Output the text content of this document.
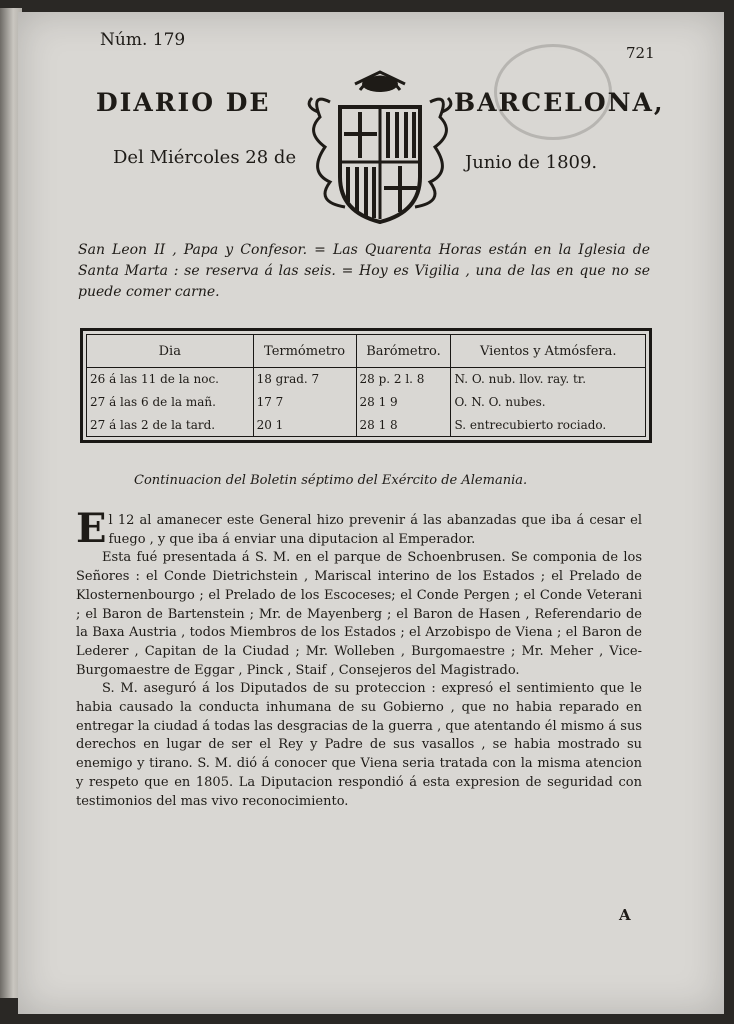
Núm. 179
721
DIARIO DE	BARCELONA,
Del Miércoles 28 de	Junio de 1809.
San Leon II , Papa y Confesor. = Las Quarenta Horas están en la Iglesia de Santa Marta : se reserva á las seis. = Hoy es Vigilia , una de las en que no se puede comer carne.
Dia	Termómetro	Barómetro.	Vientos y Atmósfera.
26 á las 11 de la noc.	18 grad. 7	28 p. 2 l. 8	N. O. nub. llov. ray. tr.
27 á las 6 de la mañ.	17 7	28 1 9	O. N. O. nubes.
27 á las 2 de la tard.	20 1	28 1 8	S. entrecubierto rociado.
Continuacion del Boletin séptimo del Exército de Alemania.

El 12 al amanecer este General hizo prevenir á las abanzadas que iba á cesar el fuego , y que iba á enviar una diputacion al Emperador.

Esta fué presentada á S. M. en el parque de Schoenbrusen. Se componia de los Señores : el Conde Dietrichstein , Mariscal interino de los Estados ; el Prelado de Klosternenbourgo ; el Prelado de los Escoceses; el Conde Pergen ; el Conde Veterani ; el Baron de Bartenstein ; Mr. de Mayenberg ; el Baron de Hasen , Referendario de la Baxa Austria , todos Miembros de los Estados ; el Arzobispo de Viena ; el Baron de Lederer , Capitan de la Ciudad ; Mr. Wolleben , Burgomaestre ; Mr. Meher , Vice-Burgomaestre de Eggar , Pinck , Staif , Consejeros del Magistrado.

S. M. aseguró á los Diputados de su proteccion : expresó el sentimiento que le habia causado la conducta inhumana de su Gobierno , que no habia reparado en entregar la ciudad á todas las desgracias de la guerra , que atentando él mismo á sus derechos en lugar de ser el Rey y Padre de sus vasallos , se habia mostrado su enemigo y tirano. S. M. dió á conocer que Viena seria tratada con la misma atencion y respeto que en 1805. La Diputacion respondió á esta expresion de seguridad con testimonios del mas vivo reconocimiento.

A
